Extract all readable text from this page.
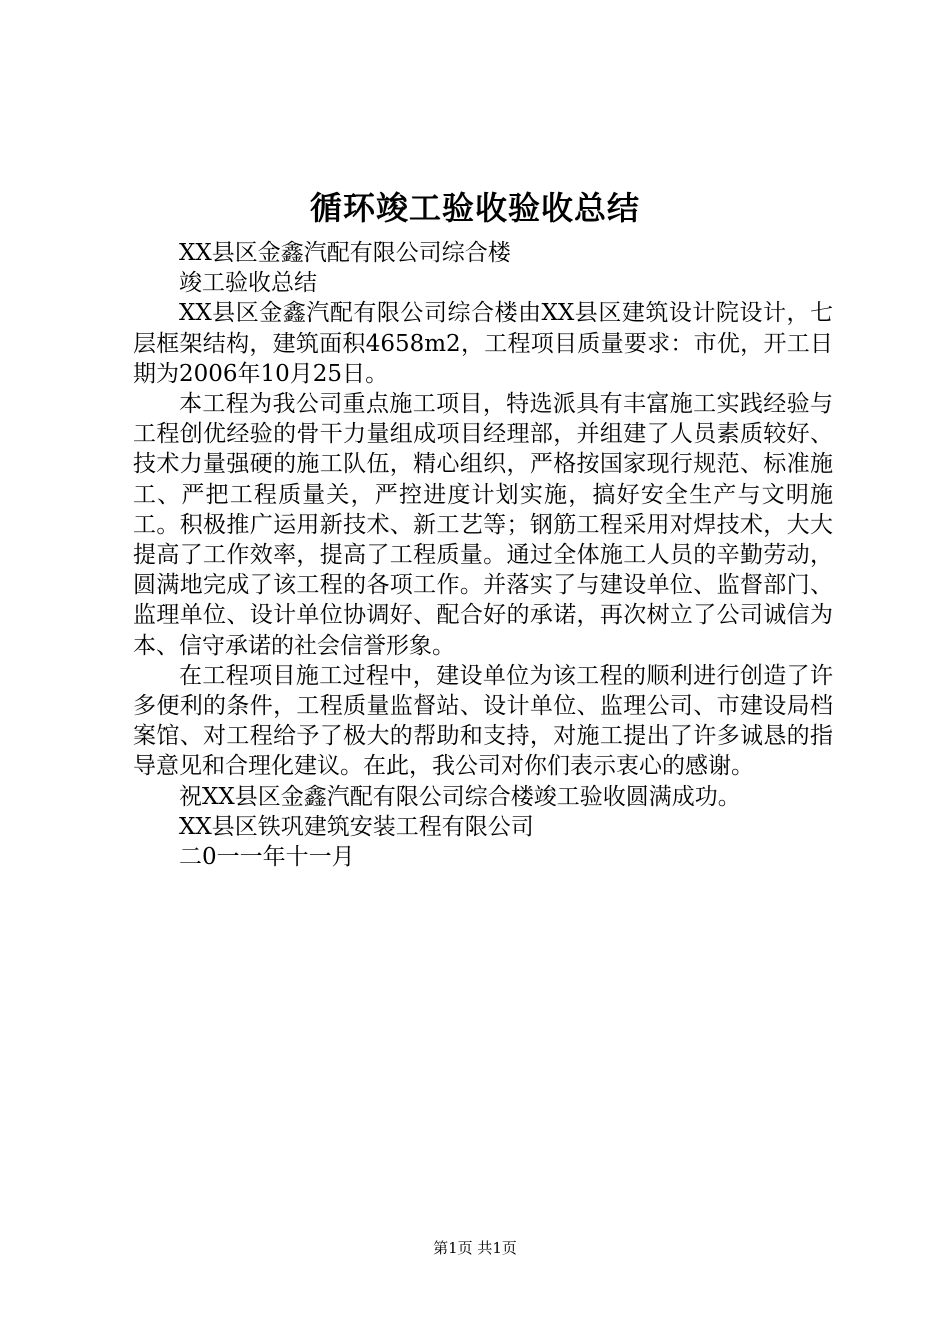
循环竣工验收验收总结

XX县区金鑫汽配有限公司综合楼

竣工验收总结

XX县区金鑫汽配有限公司综合楼由XX县区建筑设计院设计，七层框架结构，建筑面积4658m2，工程项目质量要求：市优，开工日期为2006年10月25日。

本工程为我公司重点施工项目，特选派具有丰富施工实践经验与工程创优经验的骨干力量组成项目经理部，并组建了人员素质较好、技术力量强硬的施工队伍，精心组织，严格按国家现行规范、标准施工、严把工程质量关，严控进度计划实施，搞好安全生产与文明施工。积极推广运用新技术、新工艺等；钢筋工程采用对焊技术，大大提高了工作效率，提高了工程质量。通过全体施工人员的辛勤劳动，圆满地完成了该工程的各项工作。并落实了与建设单位、监督部门、监理单位、设计单位协调好、配合好的承诺，再次树立了公司诚信为本、信守承诺的社会信誉形象。

在工程项目施工过程中，建设单位为该工程的顺利进行创造了许多便利的条件，工程质量监督站、设计单位、监理公司、市建设局档案馆、对工程给予了极大的帮助和支持，对施工提出了许多诚恳的指导意见和合理化建议。在此，我公司对你们表示衷心的感谢。

祝XX县区金鑫汽配有限公司综合楼竣工验收圆满成功。

XX县区铁巩建筑安装工程有限公司

二0一一年十一月

第1页 共1页
